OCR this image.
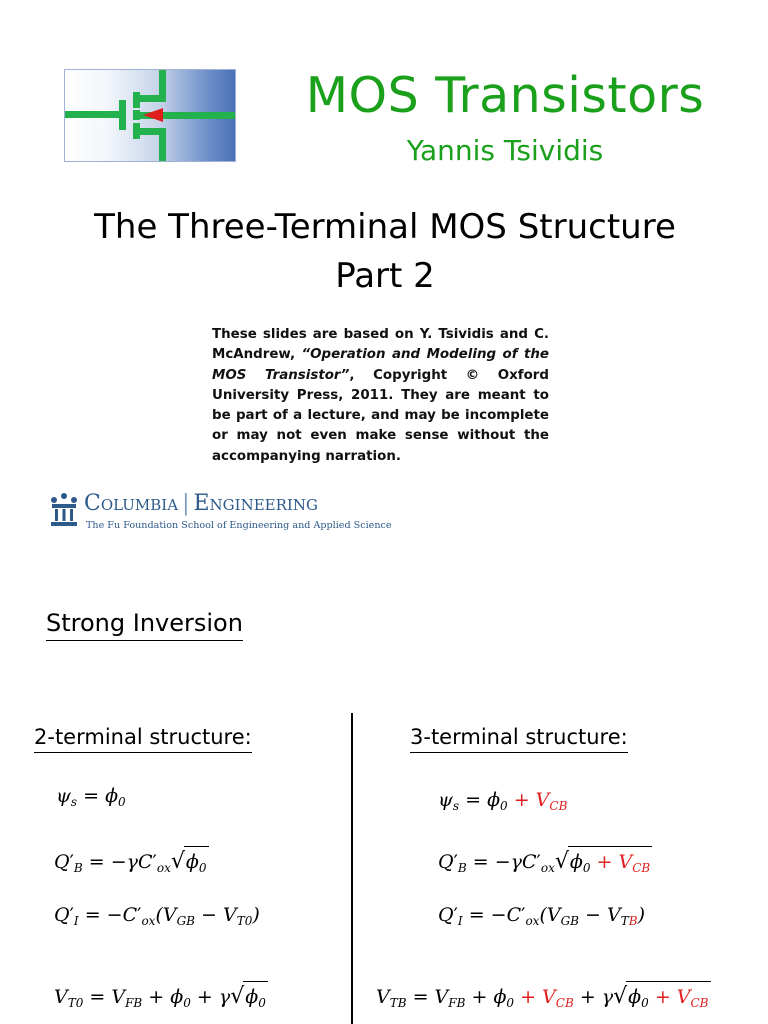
MOS Transistors
Yannis Tsividis
The Three-Terminal MOS Structure
Part 2
These slides are based on Y. Tsividis and C. McAndrew, “Operation and Modeling of the MOS Transistor”, Copyright © Oxford University Press, 2011. They are meant to be part of a lecture, and may be incomplete or may not even make sense without the accompanying narration.
Columbia | Engineering
The Fu Foundation School of Engineering and Applied Science
Strong Inversion
2-terminal structure:	3-terminal structure:
$\psi_s = \phi_0$
$Q'_B = -\gamma C'_{ox}√\phi_0$
$Q'_I = -C'_{ox}(V_{GB} - V_{T0})$
$V_{T0} = V_{FB} + \phi_0 + \gamma√\phi_0$
$\psi_s = \phi_0 + V_{CB}$
$Q'_B = -\gamma C'_{ox}√\phi_0 + V_{CB}$
$Q'_I = -C'_{ox}(V_{GB} - V_{TB})$
$V_{TB} = V_{FB} + \phi_0 + V_{CB} + \gamma√\phi_0 + V_{CB}$
